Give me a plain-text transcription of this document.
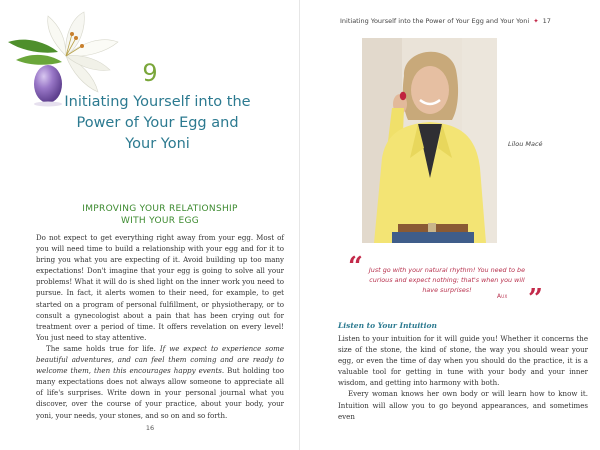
9
Initiating Yourself into the Power of Your Egg and Your Yoni
IMPROVING YOUR RELATIONSHIP
WITH YOUR EGG

Do not expect to get everything right away from your egg. Most of you will need time to build a relationship with your egg and for it to bring you what you are expecting of it. Avoid building up too many expectations! Don't imagine that your egg is going to solve all your problems! What it will do is shed light on the inner work you need to pursue. In fact, it alerts women to their need, for example, to get started on a program of personal fulfillment, or physiotherapy, or to consult a gynecologist about a pain that has been crying out for treatment over a period of time. It offers revelation on every level! You just need to stay attentive.

The same holds true for life. If we expect to experience some beautiful adventures, and can feel them coming and are ready to welcome them, then this encourages happy events. But holding too many expectations does not always allow someone to appreciate all of life's surprises. Write down in your personal journal what you discover, over the course of your practice, about your body, your yoni, your needs, your stones, and so on and so forth.

16
Initiating Yourself into the Power of Your Egg and Your Yoni ✦ 17
Lilou Macé
“ Just go with your natural rhythm! You need to be curious and expect nothing; that's when you will have surprises!
Aux ”
Listen to Your Intuition

Listen to your intuition for it will guide you! Whether it concerns the size of the stone, the kind of stone, the way you should wear your egg, or even the time of day when you should do the practice, it is a valuable tool for getting in tune with your body and your inner wisdom, and getting into harmony with both.

Every woman knows her own body or will learn how to know it. Intuition will allow you to go beyond appearances, and sometimes even
